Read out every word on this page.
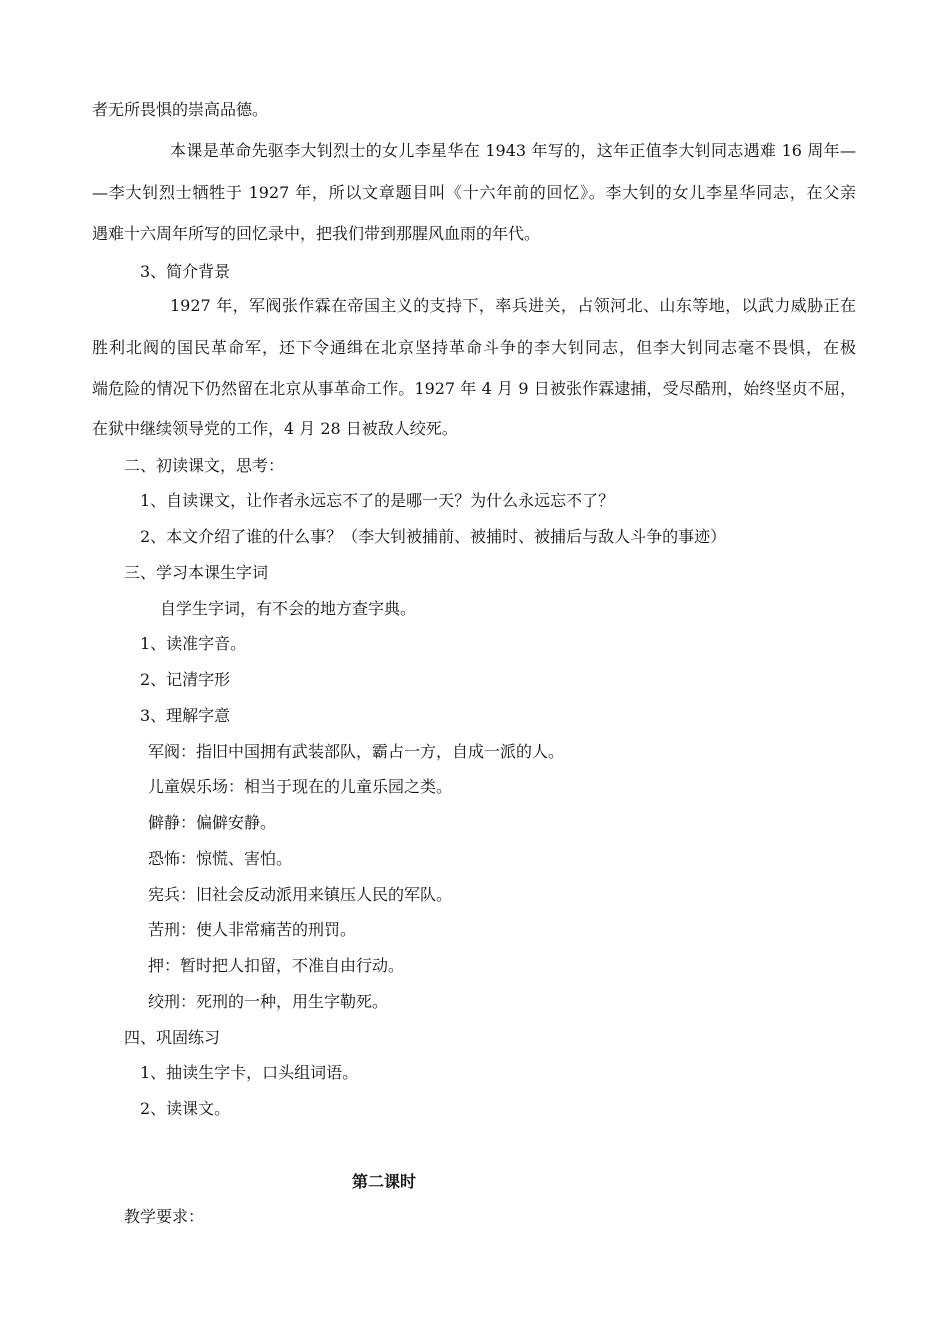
者无所畏惧的崇高品德。
本课是革命先驱李大钊烈士的女儿李星华在 1943 年写的，这年正值李大钊同志遇难 16 周年—
—李大钊烈士牺牲于 1927 年，所以文章题目叫《十六年前的回忆》。李大钊的女儿李星华同志，在父亲
遇难十六周年所写的回忆录中，把我们带到那腥风血雨的年代。
3、简介背景
1927 年，军阀张作霖在帝国主义的支持下，率兵进关，占领河北、山东等地，以武力威胁正在
胜利北阀的国民革命军，还下令通缉在北京坚持革命斗争的李大钊同志，但李大钊同志毫不畏惧，在极
端危险的情况下仍然留在北京从事革命工作。1927 年 4 月 9 日被张作霖逮捕，受尽酷刑，始终坚贞不屈，
在狱中继续领导党的工作，4 月 28 日被敌人绞死。
二、初读课文，思考：
1、自读课文，让作者永远忘不了的是哪一天？为什么永远忘不了？
2、本文介绍了谁的什么事？（李大钊被捕前、被捕时、被捕后与敌人斗争的事迹）
三、学习本课生字词
自学生字词，有不会的地方查字典。
1、读准字音。
2、记清字形
3、理解字意
军阀：指旧中国拥有武装部队，霸占一方，自成一派的人。
儿童娱乐场：相当于现在的儿童乐园之类。
僻静：偏僻安静。
恐怖：惊慌、害怕。
宪兵：旧社会反动派用来镇压人民的军队。
苦刑：使人非常痛苦的刑罚。
押：暂时把人扣留，不准自由行动。
绞刑：死刑的一种，用生字勒死。
四、巩固练习
1、抽读生字卡，口头组词语。
2、读课文。
第二课时
教学要求：
